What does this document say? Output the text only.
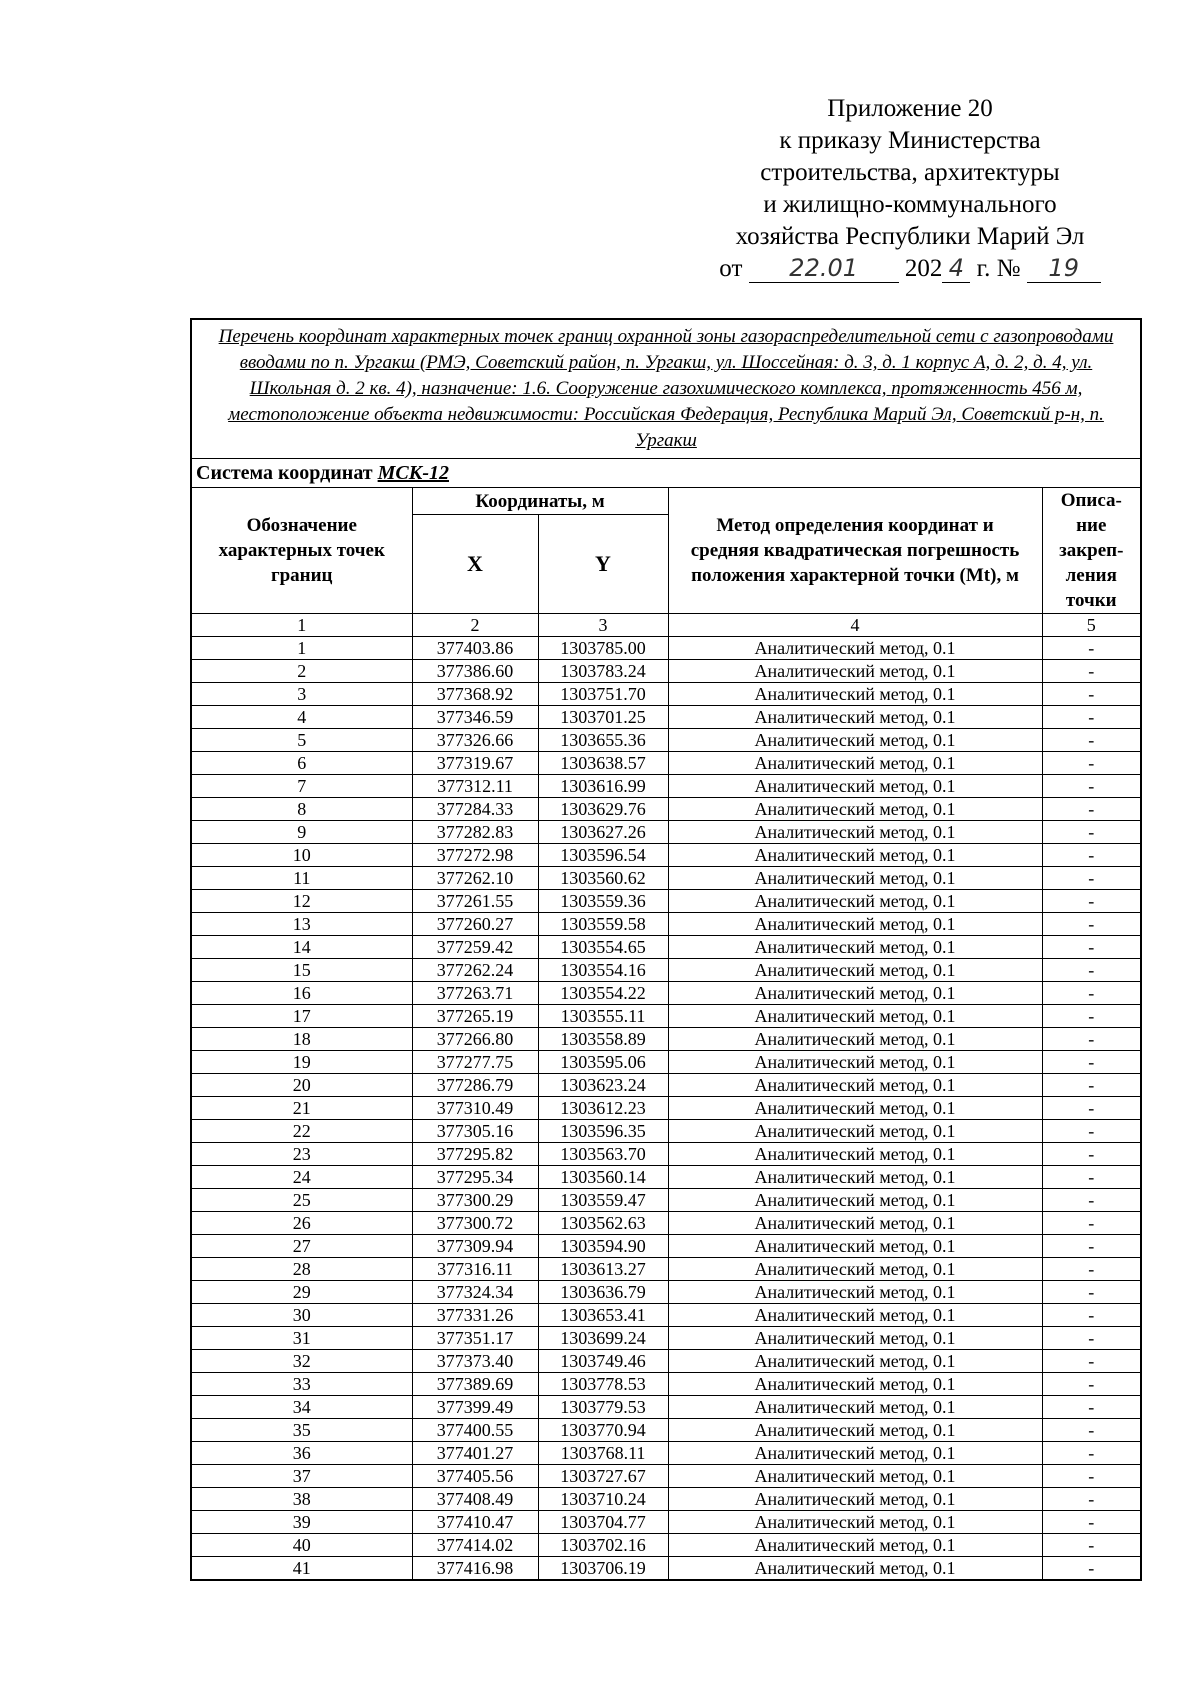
Приложение 20
к приказу Министерства
строительства, архитектуры
и жилищно-коммунального
хозяйства Республики Марий Эл
от 22.01 202 4 г. № 19
Перечень координат характерных точек границ охранной зоны газораспределительной сети с газопроводами вводами по п. Ургакш (РМЭ, Советский район, п. Ургакш, ул. Шоссейная: д. 3, д. 1 корпус А, д. 2, д. 4, ул. Школьная д. 2 кв. 4), назначение: 1.6. Сооружение газохимического комплекса, протяженность 456 м, местоположение объекта недвижимости: Российская Федерация, Республика Марий Эл, Советский р-н, п. Ургакш				
Система координат МСК-12				
Обозначение характерных точек границ	Координаты, м		Метод определения координат и средняя квадратическая погрешность положения характерной точки (Mt), м	Описа-ние закреп-ления точки
	X	Y		
1	2	3	4	5
1	377403.86	1303785.00	Аналитический метод, 0.1	-
2	377386.60	1303783.24	Аналитический метод, 0.1	-
3	377368.92	1303751.70	Аналитический метод, 0.1	-
4	377346.59	1303701.25	Аналитический метод, 0.1	-
5	377326.66	1303655.36	Аналитический метод, 0.1	-
6	377319.67	1303638.57	Аналитический метод, 0.1	-
7	377312.11	1303616.99	Аналитический метод, 0.1	-
8	377284.33	1303629.76	Аналитический метод, 0.1	-
9	377282.83	1303627.26	Аналитический метод, 0.1	-
10	377272.98	1303596.54	Аналитический метод, 0.1	-
11	377262.10	1303560.62	Аналитический метод, 0.1	-
12	377261.55	1303559.36	Аналитический метод, 0.1	-
13	377260.27	1303559.58	Аналитический метод, 0.1	-
14	377259.42	1303554.65	Аналитический метод, 0.1	-
15	377262.24	1303554.16	Аналитический метод, 0.1	-
16	377263.71	1303554.22	Аналитический метод, 0.1	-
17	377265.19	1303555.11	Аналитический метод, 0.1	-
18	377266.80	1303558.89	Аналитический метод, 0.1	-
19	377277.75	1303595.06	Аналитический метод, 0.1	-
20	377286.79	1303623.24	Аналитический метод, 0.1	-
21	377310.49	1303612.23	Аналитический метод, 0.1	-
22	377305.16	1303596.35	Аналитический метод, 0.1	-
23	377295.82	1303563.70	Аналитический метод, 0.1	-
24	377295.34	1303560.14	Аналитический метод, 0.1	-
25	377300.29	1303559.47	Аналитический метод, 0.1	-
26	377300.72	1303562.63	Аналитический метод, 0.1	-
27	377309.94	1303594.90	Аналитический метод, 0.1	-
28	377316.11	1303613.27	Аналитический метод, 0.1	-
29	377324.34	1303636.79	Аналитический метод, 0.1	-
30	377331.26	1303653.41	Аналитический метод, 0.1	-
31	377351.17	1303699.24	Аналитический метод, 0.1	-
32	377373.40	1303749.46	Аналитический метод, 0.1	-
33	377389.69	1303778.53	Аналитический метод, 0.1	-
34	377399.49	1303779.53	Аналитический метод, 0.1	-
35	377400.55	1303770.94	Аналитический метод, 0.1	-
36	377401.27	1303768.11	Аналитический метод, 0.1	-
37	377405.56	1303727.67	Аналитический метод, 0.1	-
38	377408.49	1303710.24	Аналитический метод, 0.1	-
39	377410.47	1303704.77	Аналитический метод, 0.1	-
40	377414.02	1303702.16	Аналитический метод, 0.1	-
41	377416.98	1303706.19	Аналитический метод, 0.1	-
